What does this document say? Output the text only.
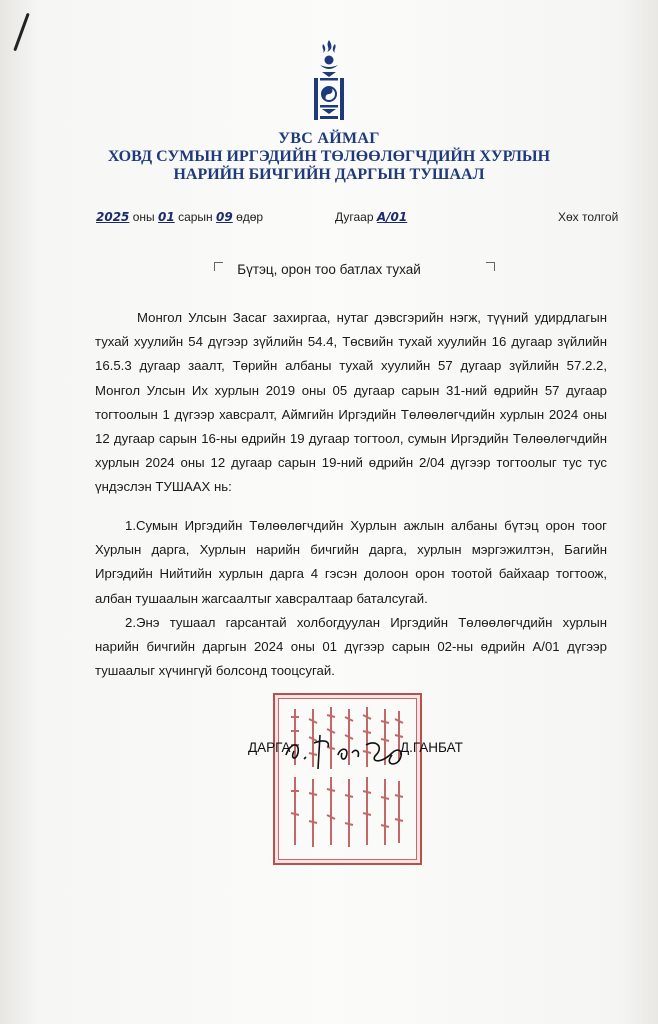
УВС АЙМАГ
ХОВД СУМЫН ИРГЭДИЙН ТӨЛӨӨЛӨГЧДИЙН ХУРЛЫН
НАРИЙН БИЧГИЙН ДАРГЫН ТУШААЛ
2025 оны 01 сарын 09 өдөр	Дугаар А/01	Хөх толгой
Бүтэц, орон тоо батлах тухай
Монгол Улсын Засаг захиргаа, нутаг дэвсгэрийн нэгж, түүний удирдлагын тухай хуулийн 54 дүгээр зүйлийн 54.4, Төсвийн тухай хуулийн 16 дугаар зүйлийн 16.5.3 дугаар заалт, Төрийн албаны тухай хуулийн 57 дугаар зүйлийн 57.2.2, Монгол Улсын Их хурлын 2019 оны 05 дугаар сарын 31-ний өдрийн 57 дугаар тогтоолын 1 дүгээр хавсралт, Аймгийн Иргэдийн Төлөөлөгчдийн хурлын 2024 оны 12 дугаар сарын 16-ны өдрийн 19 дугаар тогтоол, сумын Иргэдийн Төлөөлөгчдийн хурлын 2024 оны 12 дугаар сарын 19-ний өдрийн 2/04 дүгээр тогтоолыг тус тус үндэслэн ТУШААХ нь:
1.Сумын Иргэдийн Төлөөлөгчдийн Хурлын ажлын албаны бүтэц орон тоог Хурлын дарга, Хурлын нарийн бичгийн дарга, хурлын мэргэжилтэн, Багийн Иргэдийн Нийтийн хурлын дарга 4 гэсэн долоон орон тоотой байхаар тогтоож, албан тушаалын жагсаалтыг хавсралтаар баталсугай.
2.Энэ тушаал гарсантай холбогдуулан Иргэдийн Төлөөлөгчдийн хурлын нарийн бичгийн даргын 2024 оны 01 дүгээр сарын 02-ны өдрийн А/01 дүгээр тушаалыг хүчингүй болсонд тооцсугай.
ДАРГА	Д.ГАНБАТ
